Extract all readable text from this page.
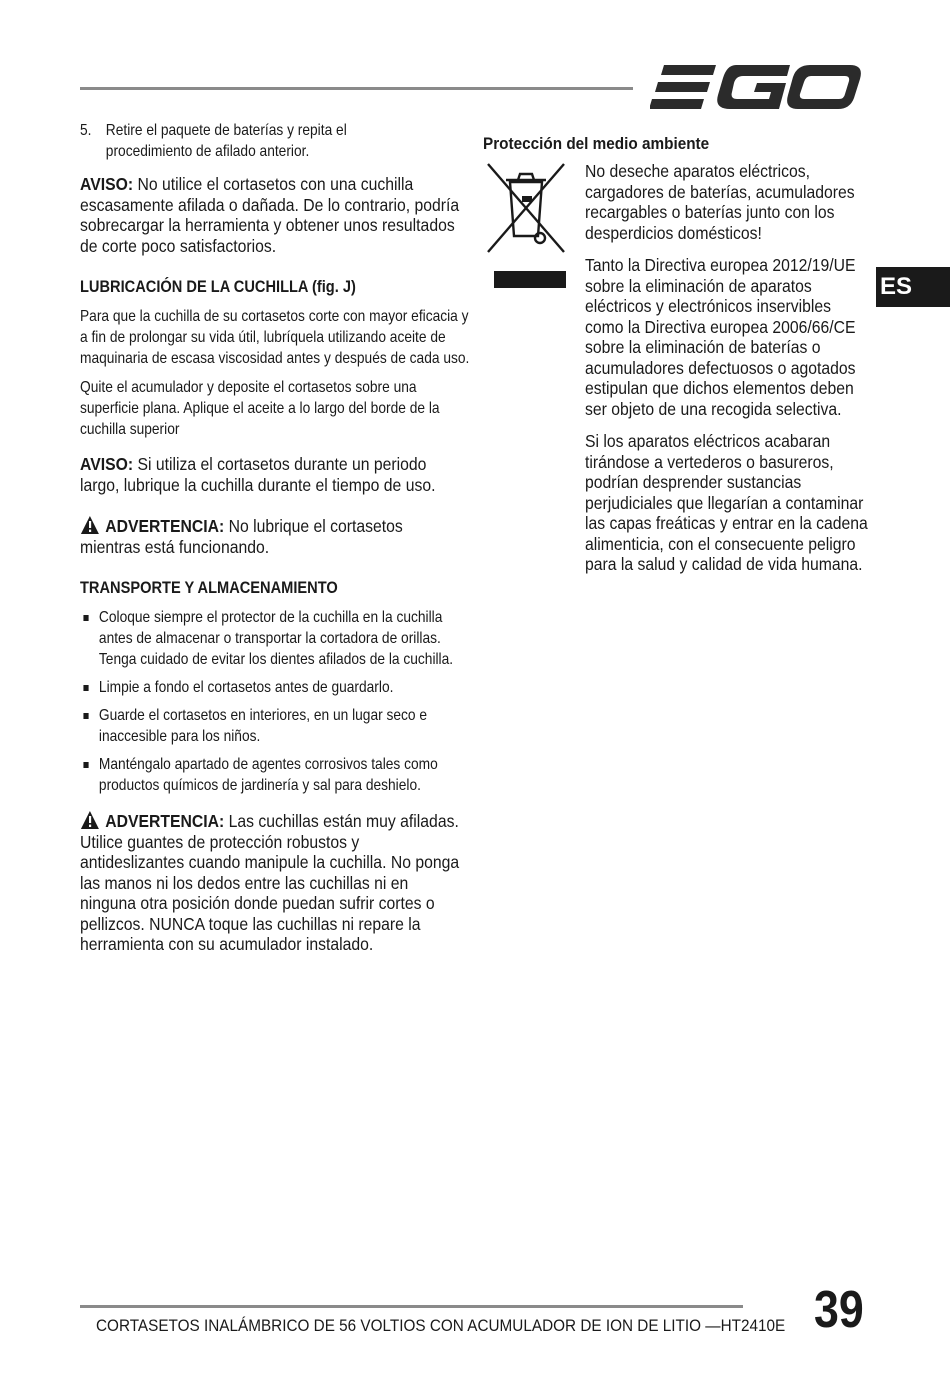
ES
5. Retire el paquete de baterías y repita el procedimiento de afilado anterior.

AVISO: No utilice el cortasetos con una cuchilla escasamente afilada o dañada. De lo contrario, podría sobrecargar la herramienta y obtener unos resultados de corte poco satisfactorios.

LUBRICACIÓN DE LA CUCHILLA (fig. J)

Para que la cuchilla de su cortasetos corte con mayor eficacia y a fin de prolongar su vida útil, lubríquela utilizando aceite de maquinaria de escasa viscosidad antes y después de cada uso.

Quite el acumulador y deposite el cortasetos sobre una superficie plana. Aplique el aceite a lo largo del borde de la cuchilla superior

AVISO: Si utiliza el cortasetos durante un periodo largo, lubrique la cuchilla durante el tiempo de uso.

ADVERTENCIA: No lubrique el cortasetos mientras está funcionando.

TRANSPORTE Y ALMACENAMIENTO
Coloque siempre el protector de la cuchilla en la cuchilla antes de almacenar o transportar la cortadora de orillas. Tenga cuidado de evitar los dientes afilados de la cuchilla.
Limpie a fondo el cortasetos antes de guardarlo.
Guarde el cortasetos en interiores, en un lugar seco e inaccesible para los niños.
Manténgalo apartado de agentes corrosivos tales como productos químicos de jardinería y sal para deshielo.

ADVERTENCIA: Las cuchillas están muy afiladas. Utilice guantes de protección robustos y antideslizantes cuando manipule la cuchilla. No ponga las manos ni los dedos entre las cuchillas ni en ninguna otra posición donde puedan sufrir cortes o pellizcos. NUNCA toque las cuchillas ni repare la herramienta con su acumulador instalado.

Protección del medio ambiente

No deseche aparatos eléctricos, cargadores de baterías, acumuladores recargables o baterías junto con los desperdicios domésticos!

Tanto la Directiva europea 2012/19/UE sobre la eliminación de aparatos eléctricos y electrónicos inservibles como la Directiva europea 2006/66/CE sobre la eliminación de baterías o acumuladores defectuosos o agotados estipulan que dichos elementos deben ser objeto de una recogida selectiva.

Si los aparatos eléctricos acabaran tirándose a vertederos o basureros, podrían desprender sustancias perjudiciales que llegarían a contaminar las capas freáticas y entrar en la cadena alimenticia, con el consecuente peligro para la salud y calidad de vida humana.

CORTASETOS INALÁMBRICO DE 56 VOLTIOS CON ACUMULADOR DE ION DE LITIO —HT2410E 39
